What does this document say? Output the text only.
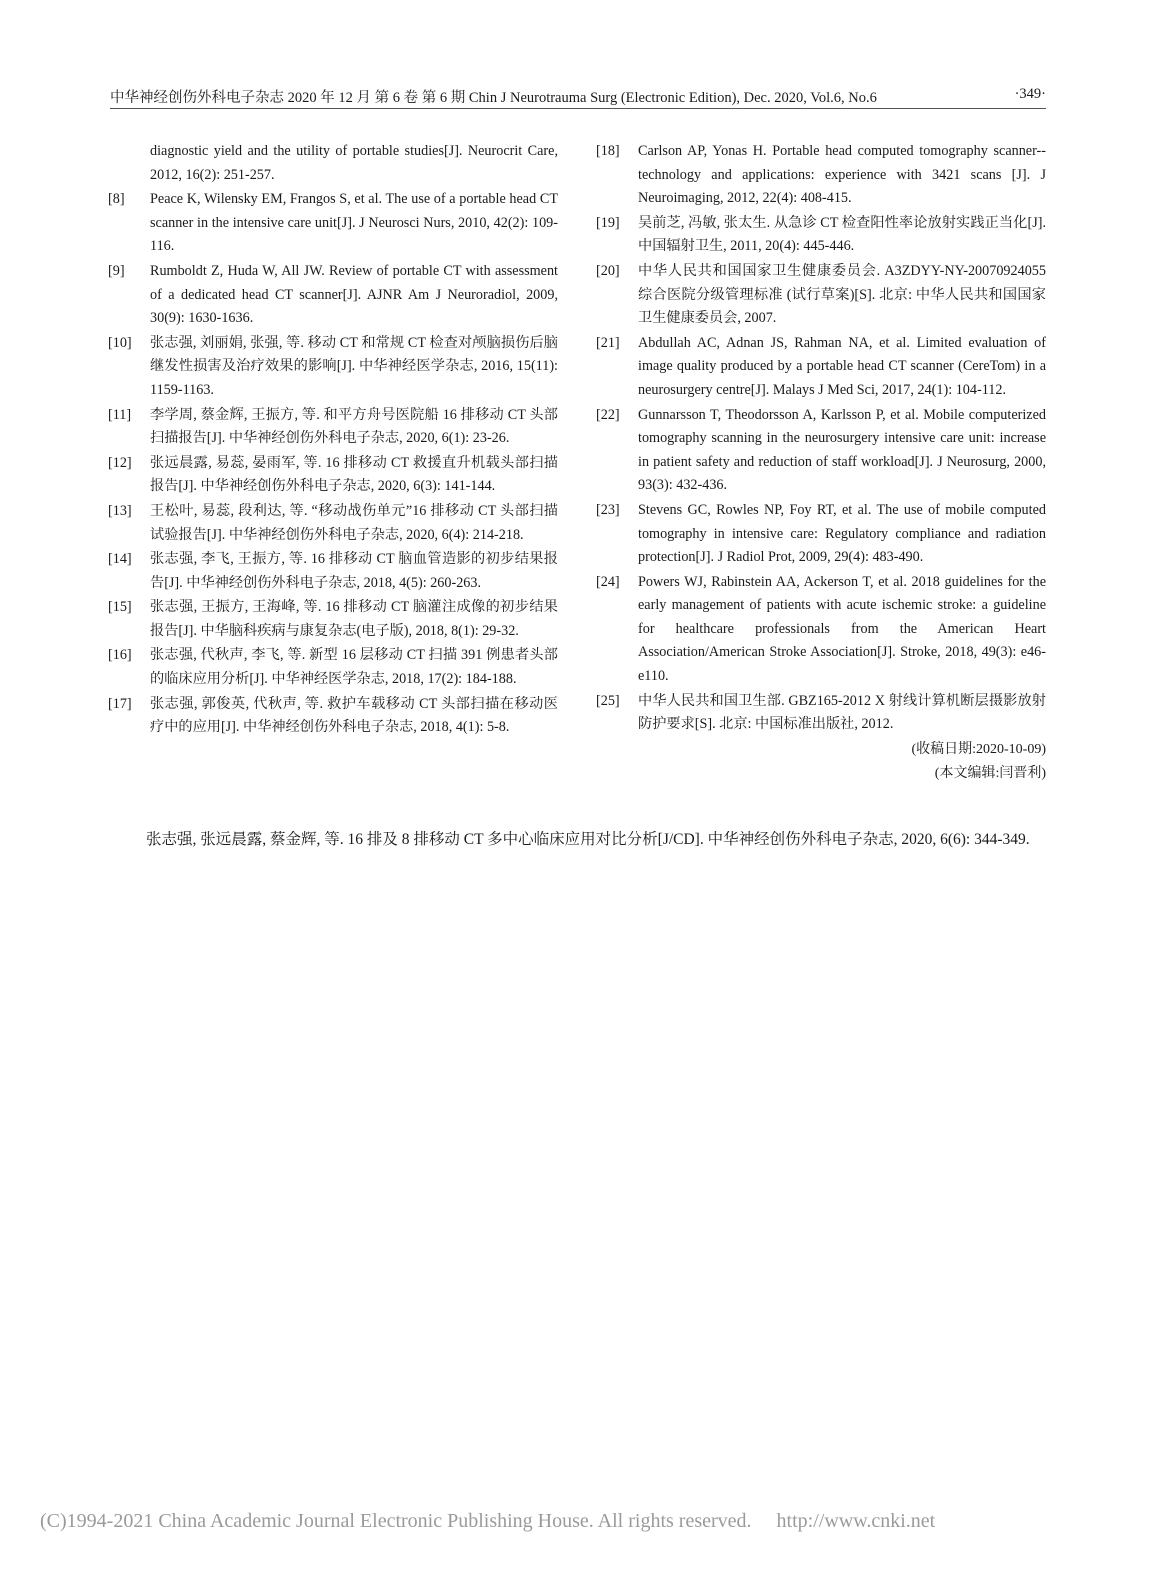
中华神经创伤外科电子杂志 2020 年 12 月 第 6 卷 第 6 期 Chin J Neurotrauma Surg (Electronic Edition), Dec. 2020, Vol.6, No.6	·349·
diagnostic yield and the utility of portable studies[J]. Neurocrit Care, 2012, 16(2): 251-257.
[8] Peace K, Wilensky EM, Frangos S, et al. The use of a portable head CT scanner in the intensive care unit[J]. J Neurosci Nurs, 2010, 42(2): 109-116.
[9] Rumboldt Z, Huda W, All JW. Review of portable CT with assessment of a dedicated head CT scanner[J]. AJNR Am J Neuroradiol, 2009, 30(9): 1630-1636.
[10] 张志强, 刘丽娟, 张强, 等. 移动 CT 和常规 CT 检查对颅脑损伤后脑继发性损害及治疗效果的影响[J]. 中华神经医学杂志, 2016, 15(11): 1159-1163.
[11] 李学周, 蔡金辉, 王振方, 等. 和平方舟号医院船 16 排移动 CT 头部扫描报告[J]. 中华神经创伤外科电子杂志, 2020, 6(1): 23-26.
[12] 张远晨露, 易蕊, 晏雨军, 等. 16 排移动 CT 救援直升机载头部扫描报告[J]. 中华神经创伤外科电子杂志, 2020, 6(3): 141-144.
[13] 王松叶, 易蕊, 段利达, 等. “移动战伤单元”16 排移动 CT 头部扫描试验报告[J]. 中华神经创伤外科电子杂志, 2020, 6(4): 214-218.
[14] 张志强, 李飞, 王振方, 等. 16 排移动 CT 脑血管造影的初步结果报告[J]. 中华神经创伤外科电子杂志, 2018, 4(5): 260-263.
[15] 张志强, 王振方, 王海峰, 等. 16 排移动 CT 脑灌注成像的初步结果报告[J]. 中华脑科疾病与康复杂志(电子版), 2018, 8(1): 29-32.
[16] 张志强, 代秋声, 李飞, 等. 新型 16 层移动 CT 扫描 391 例患者头部的临床应用分析[J]. 中华神经医学杂志, 2018, 17(2): 184-188.
[17] 张志强, 郭俊英, 代秋声, 等. 救护车载移动 CT 头部扫描在移动医疗中的应用[J]. 中华神经创伤外科电子杂志, 2018, 4(1): 5-8.
[18] Carlson AP, Yonas H. Portable head computed tomography scanner--technology and applications: experience with 3421 scans [J]. J Neuroimaging, 2012, 22(4): 408-415.
[19] 吴前芝, 冯敏, 张太生. 从急诊 CT 检查阳性率论放射实践正当化[J]. 中国辐射卫生, 2011, 20(4): 445-446.
[20] 中华人民共和国国家卫生健康委员会. A3ZDYY-NY-20070924055 综合医院分级管理标准 (试行草案)[S]. 北京: 中华人民共和国国家卫生健康委员会, 2007.
[21] Abdullah AC, Adnan JS, Rahman NA, et al. Limited evaluation of image quality produced by a portable head CT scanner (CereTom) in a neurosurgery centre[J]. Malays J Med Sci, 2017, 24(1): 104-112.
[22] Gunnarsson T, Theodorsson A, Karlsson P, et al. Mobile computerized tomography scanning in the neurosurgery intensive care unit: increase in patient safety and reduction of staff workload[J]. J Neurosurg, 2000, 93(3): 432-436.
[23] Stevens GC, Rowles NP, Foy RT, et al. The use of mobile computed tomography in intensive care: Regulatory compliance and radiation protection[J]. J Radiol Prot, 2009, 29(4): 483-490.
[24] Powers WJ, Rabinstein AA, Ackerson T, et al. 2018 guidelines for the early management of patients with acute ischemic stroke: a guideline for healthcare professionals from the American Heart Association/American Stroke Association[J]. Stroke, 2018, 49(3): e46-e110.
[25] 中华人民共和国卫生部. GBZ165-2012 X 射线计算机断层摄影放射防护要求[S]. 北京: 中国标准出版社, 2012.
(收稿日期:2020-10-09)
(本文编辑:闫晋利)
张志强, 张远晨露, 蔡金辉, 等. 16 排及 8 排移动 CT 多中心临床应用对比分析[J/CD]. 中华神经创伤外科电子杂志, 2020, 6(6): 344-349.
(C)1994-2021 China Academic Journal Electronic Publishing House. All rights reserved. http://www.cnki.net
